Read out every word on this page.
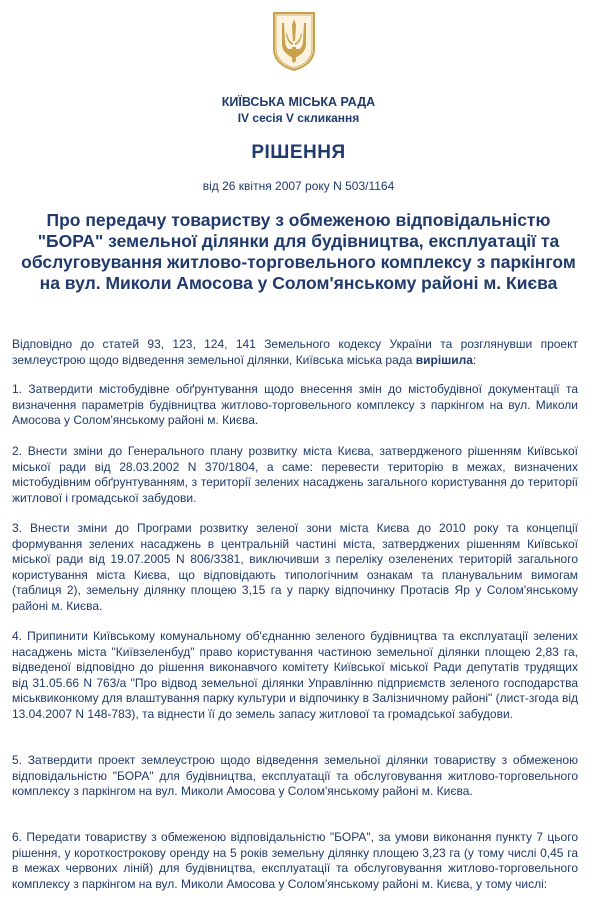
КИЇВСЬКА МІСЬКА РАДА
IV сесія V скликання
РІШЕННЯ
від 26 квітня 2007 року N 503/1164
Про передачу товариству з обмеженою відповідальністю "БОРА" земельної ділянки для будівництва, експлуатації та обслуговування житлово-торговельного комплексу з паркінгом на вул. Миколи Амосова у Солом'янському районі м. Києва
Відповідно до статей 93, 123, 124, 141 Земельного кодексу України та розглянувши проект землеустрою щодо відведення земельної ділянки, Київська міська рада вирішила:
1. Затвердити містобудівне обґрунтування щодо внесення змін до містобудівної документації та визначення параметрів будівництва житлово-торговельного комплексу з паркінгом на вул. Миколи Амосова у Солом'янському районі м. Києва.
2. Внести зміни до Генерального плану розвитку міста Києва, затвердженого рішенням Київської міської ради від 28.03.2002 N 370/1804, а саме: перевести територію в межах, визначених містобудівним обґрунтуванням, з території зелених насаджень загального користування до території житлової і громадської забудови.
3. Внести зміни до Програми розвитку зеленої зони міста Києва до 2010 року та концепції формування зелених насаджень в центральній частині міста, затверджених рішенням Київської міської ради від 19.07.2005 N 806/3381, виключивши з переліку озеленених територій загального користування міста Києва, що відповідають типологічним ознакам та планувальним вимогам (таблиця 2), земельну ділянку площею 3,15 га у парку відпочинку Протасів Яр у Солом'янському районі м. Києва.
4. Припинити Київському комунальному об'єднанню зеленого будівництва та експлуатації зелених насаджень міста "Київзеленбуд" право користування частиною земельної ділянки площею 2,83 га, відведеної відповідно до рішення виконавчого комітету Київської міської Ради депутатів трудящих від 31.05.66 N 763/а "Про відвод земельної ділянки Управлінню підприємств зеленого господарства міськвиконкому для влаштування парку культури и відпочинку в Залізничному районі" (лист-згода від 13.04.2007 N 148-783), та віднести її до земель запасу житлової та громадської забудови.
5. Затвердити проект землеустрою щодо відведення земельної ділянки товариству з обмеженою відповідальністю "БОРА" для будівництва, експлуатації та обслуговування житлово-торговельного комплексу з паркінгом на вул. Миколи Амосова у Солом'янському районі м. Києва.
6. Передати товариству з обмеженою відповідальністю "БОРА", за умови виконання пункту 7 цього рішення, у короткострокову оренду на 5 років земельну ділянку площею 3,23 га (у тому числі 0,45 га в межах червоних ліній) для будівництва, експлуатації та обслуговування житлово-торговельного комплексу з паркінгом на вул. Миколи Амосова у Солом'янському районі м. Києва, у тому числі:
